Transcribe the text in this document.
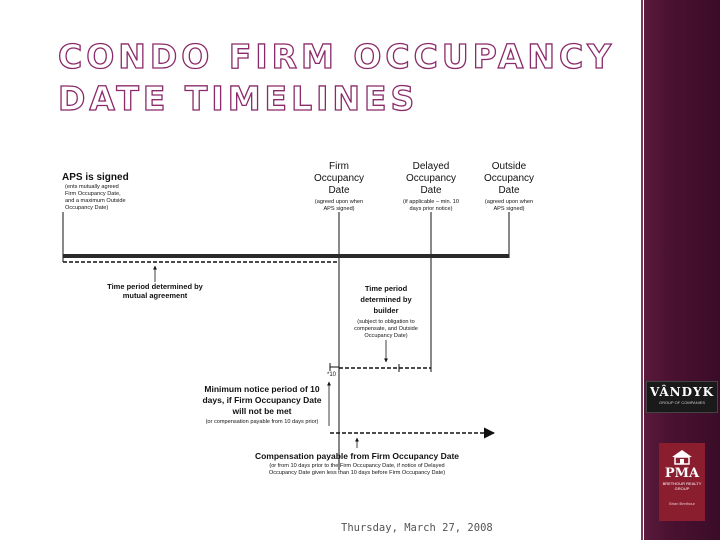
CONDO FIRM OCCUPANCY
DATE TIMELINES
VÂNDYK
GROUP OF COMPANIES
PMA
BRETHOUR REALTY GROUP
Brian Brethour
APS is signed
(ents mutually agreed
Firm Occupancy Date,
and a maximum Outside
Occupancy Date)
Firm
Occupancy
Date
(agreed upon when
APS signed)
Delayed
Occupancy
Date
(if applicable – min. 10
days prior notice)
Outside
Occupancy
Date
(agreed upon when
APS signed)
Time period determined by
mutual agreement
Time period
determined by
builder
(subject to obligation to
compensate, and Outside
Occupancy Date)
*10
Minimum notice period of 10
days, if Firm Occupancy Date
will not be met
(or compensation payable from 10 days prior)
Compensation payable from Firm Occupancy Date
(or from 10 days prior to the Firm Occupancy Date, if notice of Delayed
Occupancy Date given less than 10 days before Firm Occupancy Date)
Thursday, March 27, 2008
